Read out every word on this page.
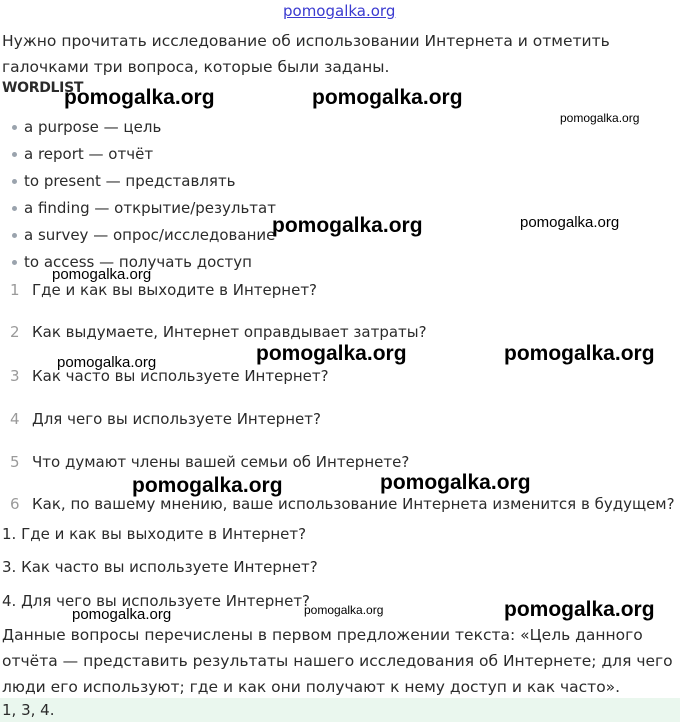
pomogalka.org
Нужно прочитать исследование об использовании Интернета и отметить галочками три вопроса, которые были заданы.
WORDLIST
a purpose — цель
a report — отчёт
to present — представлять
a finding — открытие/результат
a survey — опрос/исследование
to access — получать доступ
1 Где и как вы выходите в Интернет?
2 Как выдумаете, Интернет оправдывает затраты?
3 Как часто вы используете Интернет?
4 Для чего вы используете Интернет?
5 Что думают члены вашей семьи об Интернете?
6 Как, по вашему мнению, ваше использование Интернета изменится в будущем?
1. Где и как вы выходите в Интернет?
3. Как часто вы используете Интернет?
4. Для чего вы используете Интернет?
Данные вопросы перечислены в первом предложении текста: «Цель данного отчёта — представить результаты нашего исследования об Интернете; для чего люди его используют; где и как они получают к нему доступ и как часто».
1, 3, 4.
pomogalka.org	pomogalka.org
pomogalka.org
pomogalka.org	pomogalka.org
pomogalka.org
pomogalka.org	pomogalka.org	pomogalka.org
pomogalka.org	pomogalka.org
pomogalka.org	pomogalka.org	pomogalka.org
